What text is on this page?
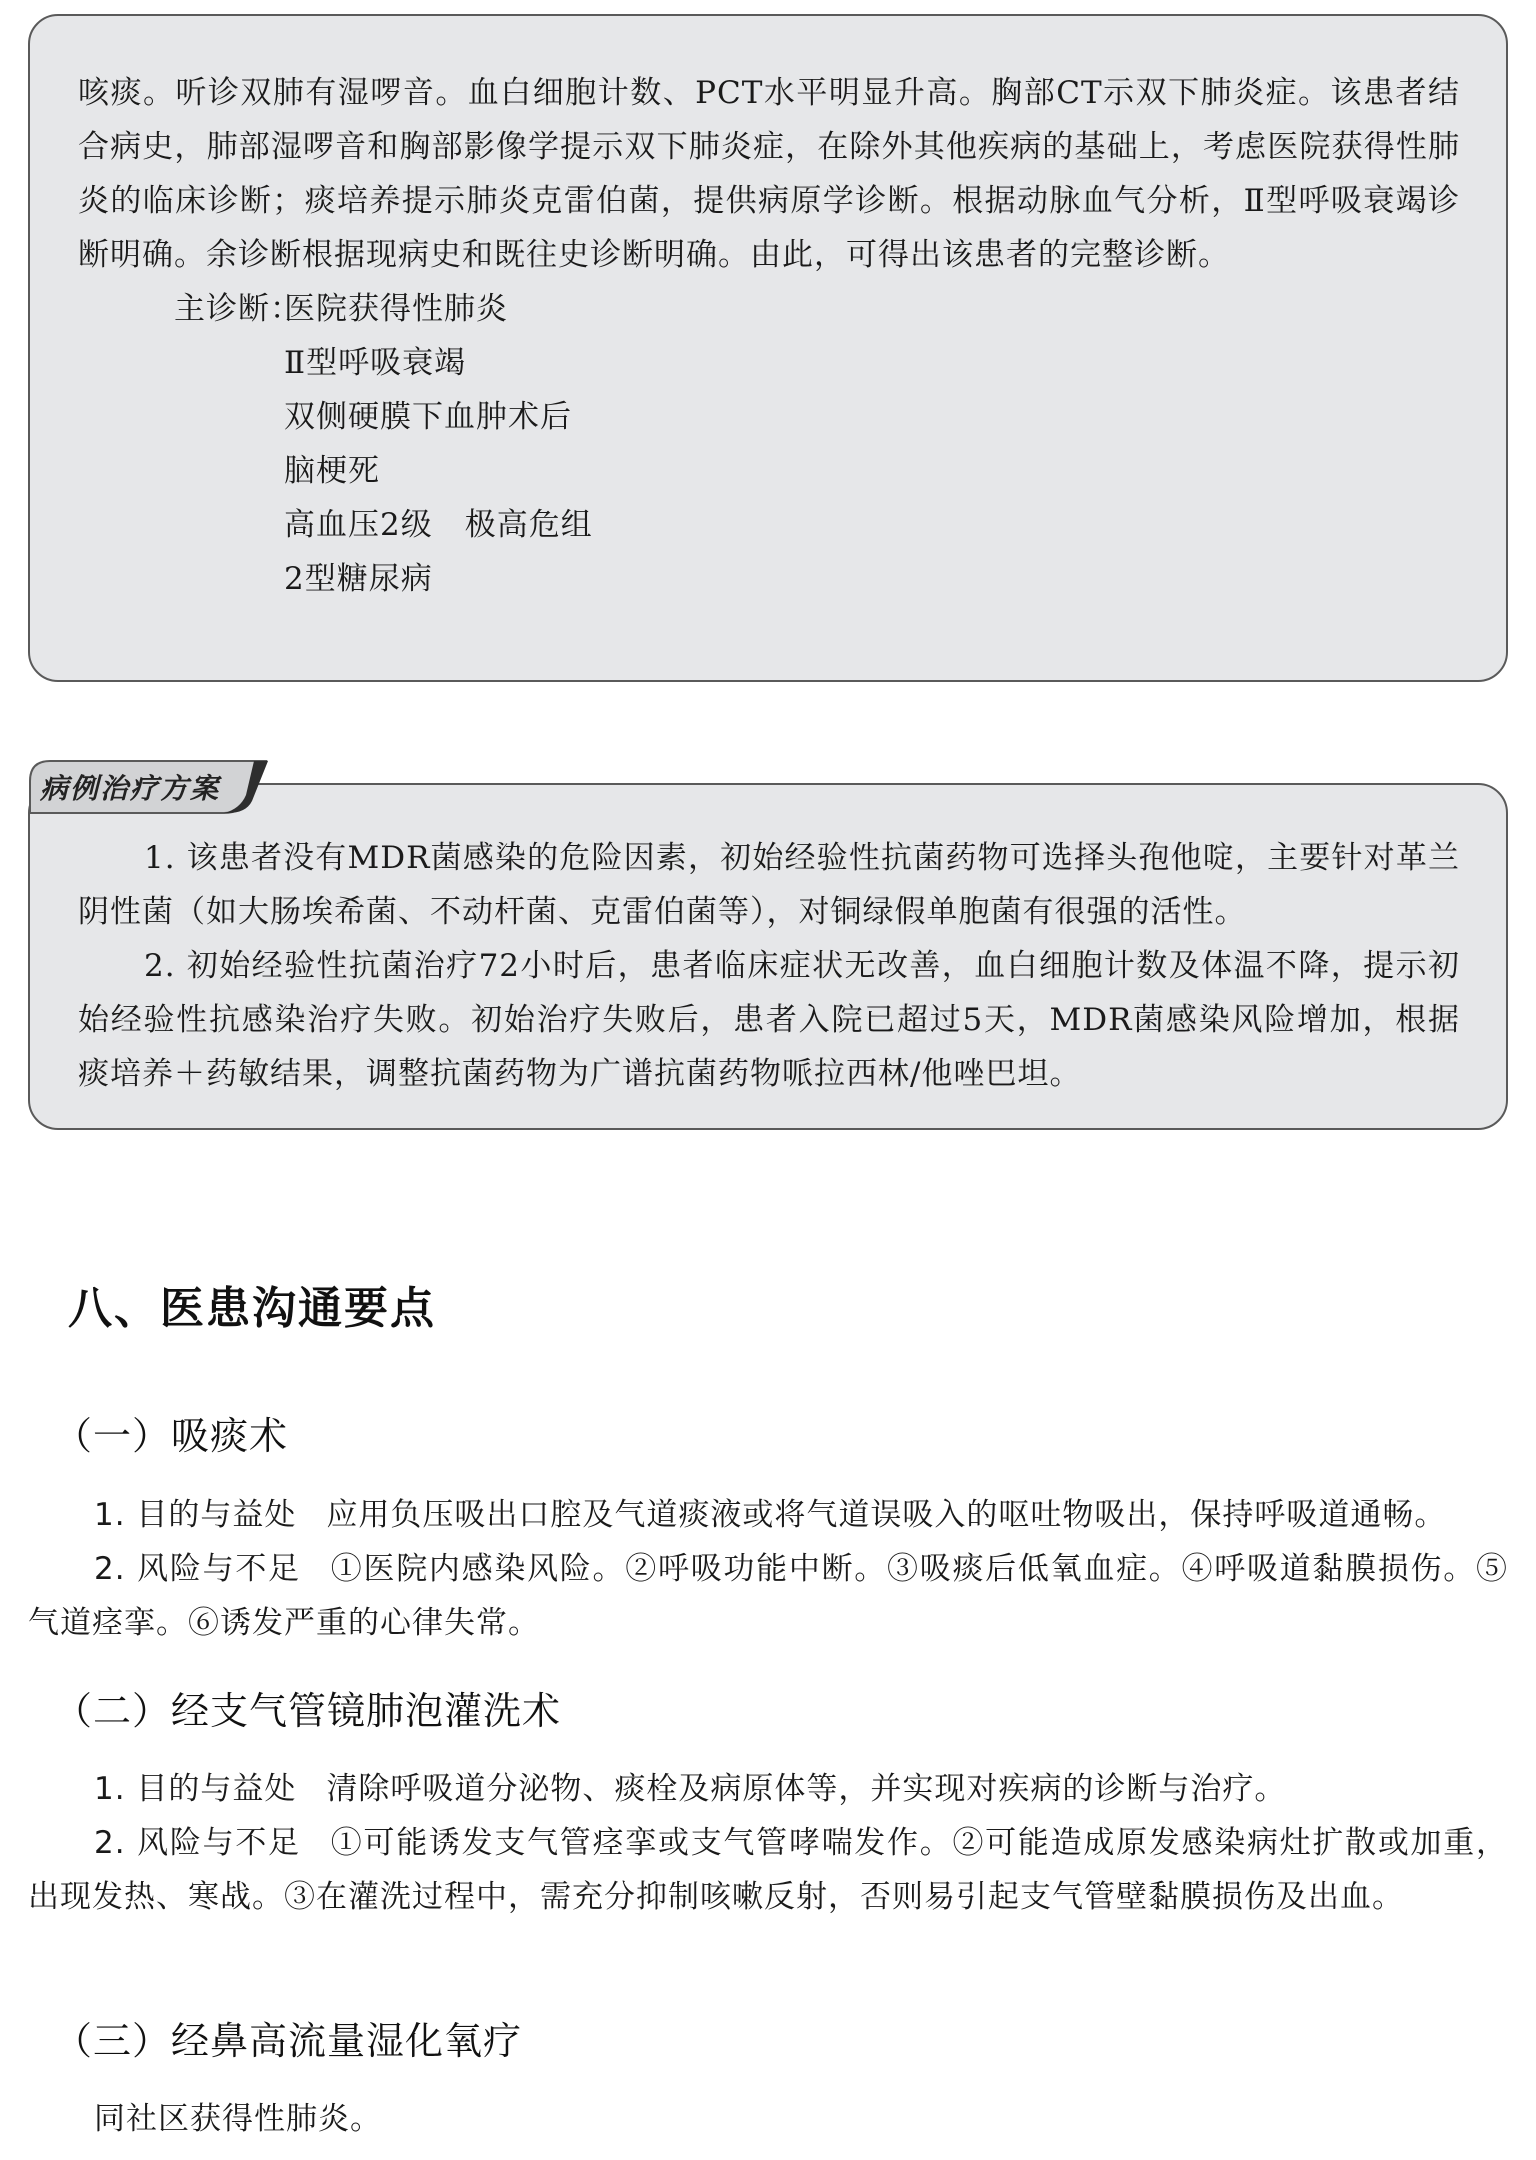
咳痰。听诊双肺有湿啰音。血白细胞计数、PCT水平明显升高。胸部CT示双下肺炎症。该患者结合病史，肺部湿啰音和胸部影像学提示双下肺炎症，在除外其他疾病的基础上，考虑医院获得性肺炎的临床诊断；痰培养提示肺炎克雷伯菌，提供病原学诊断。根据动脉血气分析，Ⅱ型呼吸衰竭诊断明确。余诊断根据现病史和既往史诊断明确。由此，可得出该患者的完整诊断。

主诊断：
医院获得性肺炎
Ⅱ型呼吸衰竭
双侧硬膜下血肿术后
脑梗死
高血压2级　极高危组
2型糖尿病
病例治疗方案

1. 该患者没有MDR菌感染的危险因素，初始经验性抗菌药物可选择头孢他啶，主要针对革兰阴性菌（如大肠埃希菌、不动杆菌、克雷伯菌等），对铜绿假单胞菌有很强的活性。

2. 初始经验性抗菌治疗72小时后，患者临床症状无改善，血白细胞计数及体温不降，提示初始经验性抗感染治疗失败。初始治疗失败后，患者入院已超过5天，MDR菌感染风险增加，根据痰培养＋药敏结果，调整抗菌药物为广谱抗菌药物哌拉西林/他唑巴坦。

八、医患沟通要点
（一）吸痰术

1. 目的与益处 应用负压吸出口腔及气道痰液或将气道误吸入的呕吐物吸出，保持呼吸道通畅。

2. 风险与不足 ①医院内感染风险。②呼吸功能中断。③吸痰后低氧血症。④呼吸道黏膜损伤。⑤气道痉挛。⑥诱发严重的心律失常。

（二）经支气管镜肺泡灌洗术

1. 目的与益处 清除呼吸道分泌物、痰栓及病原体等，并实现对疾病的诊断与治疗。

2. 风险与不足 ①可能诱发支气管痉挛或支气管哮喘发作。②可能造成原发感染病灶扩散或加重，出现发热、寒战。③在灌洗过程中，需充分抑制咳嗽反射，否则易引起支气管壁黏膜损伤及出血。

（三）经鼻高流量湿化氧疗

同社区获得性肺炎。
